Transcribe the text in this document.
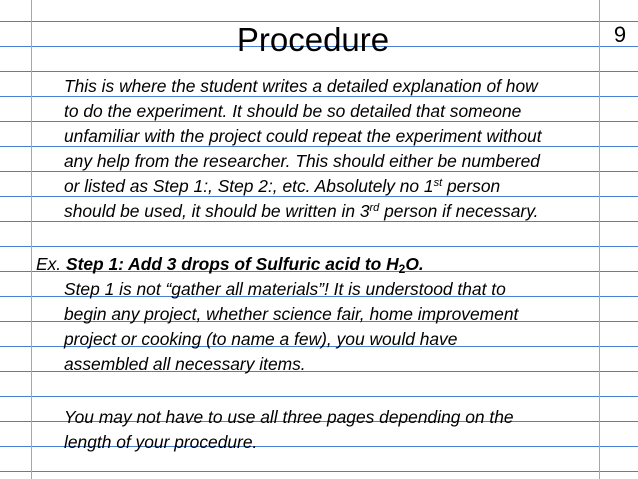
Procedure	9
This is where the student writes a detailed explanation of how
to do the experiment. It should be so detailed that someone
unfamiliar with the project could repeat the experiment without
any help from the researcher. This should either be numbered
or listed as Step 1:, Step 2:, etc. Absolutely no 1st person
should be used, it should be written in 3rd person if necessary.
Ex. Step 1: Add 3 drops of Sulfuric acid to $H_2O$.
Step 1 is not “gather all materials”! It is understood that to
begin any project, whether science fair, home improvement
project or cooking (to name a few), you would have
assembled all necessary items.
You may not have to use all three pages depending on the
length of your procedure.
